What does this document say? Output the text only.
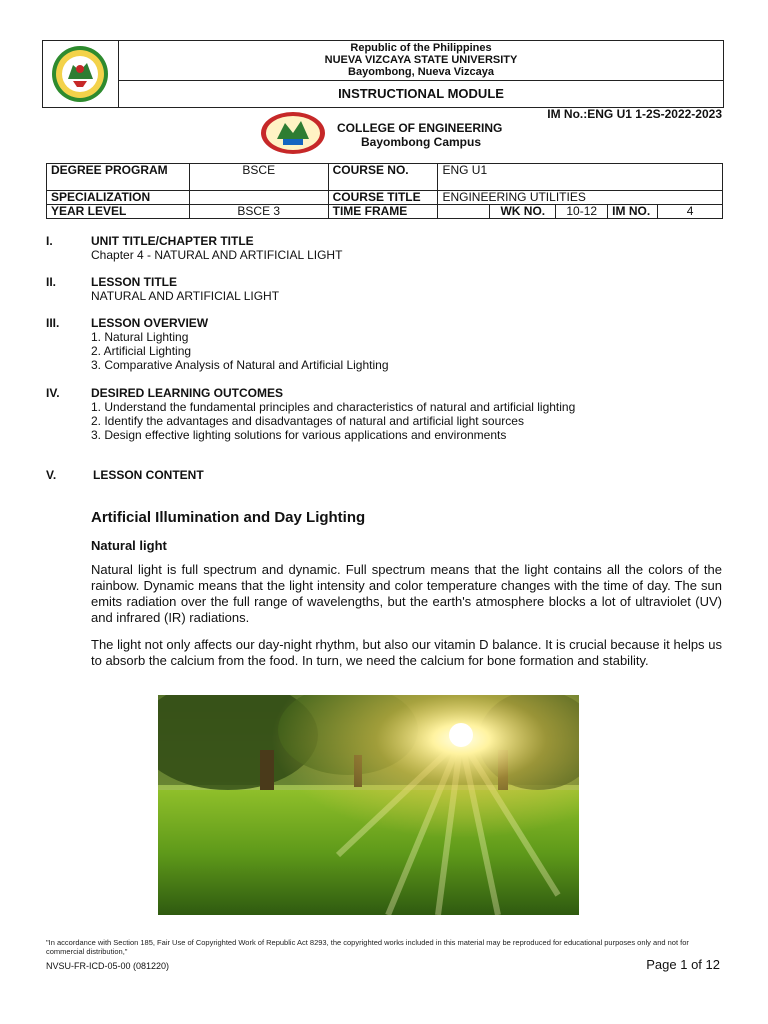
Republic of the Philippines
NUEVA VIZCAYA STATE UNIVERSITY
Bayombong, Nueva Vizcaya
INSTRUCTIONAL MODULE
IM No.:ENG U1 1-2S-2022-2023
COLLEGE OF ENGINEERING
Bayombong Campus
DEGREE PROGRAM	BSCE	COURSE NO.	ENG U1				
SPECIALIZATION		COURSE TITLE	ENGINEERING UTILITIES				
YEAR LEVEL	BSCE 3	TIME FRAME		WK NO.	10-12	IM NO.	4
I.	UNIT TITLE/CHAPTER TITLE
Chapter 4 - NATURAL AND ARTIFICIAL LIGHT
II.	LESSON TITLE
NATURAL AND ARTIFICIAL LIGHT
III.	LESSON OVERVIEW
1. Natural Lighting
2. Artificial Lighting
3. Comparative Analysis of Natural and Artificial Lighting
IV.	DESIRED LEARNING OUTCOMES
1. Understand the fundamental principles and characteristics of natural and artificial lighting
2. Identify the advantages and disadvantages of natural and artificial light sources
3. Design effective lighting solutions for various applications and environments
V.	LESSON CONTENT
Artificial Illumination and Day Lighting
Natural light

Natural light is full spectrum and dynamic. Full spectrum means that the light contains all the colors of the rainbow. Dynamic means that the light intensity and color temperature changes with the time of day. The sun emits radiation over the full range of wavelengths, but the earth's atmosphere blocks a lot of ultraviolet (UV) and infrared (IR) radiations.

The light not only affects our day-night rhythm, but also our vitamin D balance. It is crucial because it helps us to absorb the calcium from the food. In turn, we need the calcium for bone formation and stability.

"In accordance with Section 185, Fair Use of Copyrighted Work of Republic Act 8293, the copyrighted works included in this material may be reproduced for educational purposes only and not for commercial distribution,"
NVSU-FR-ICD-05-00 (081220)	Page 1 of 12
